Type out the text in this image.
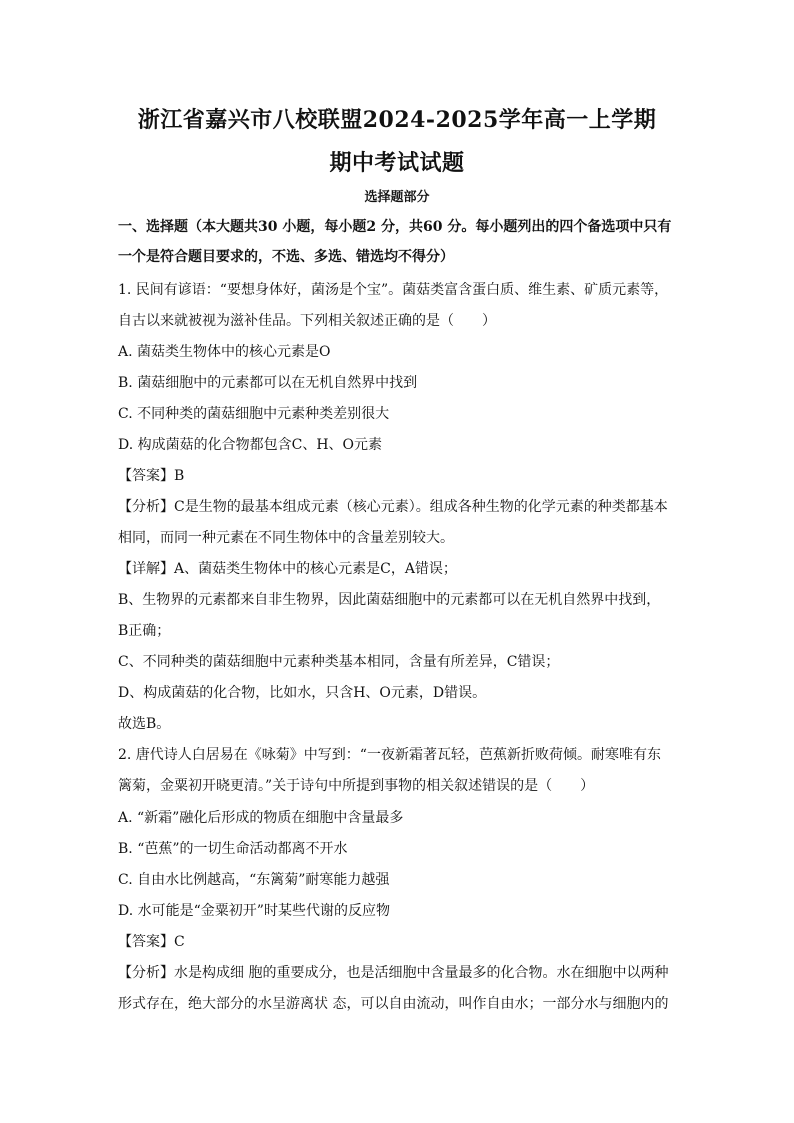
浙江省嘉兴市八校联盟2024-2025学年高一上学期
期中考试试题
选择题部分
一、选择题（本大题共30 小题，每小题2 分，共60 分。每小题列出的四个备选项中只有
一个是符合题目要求的，不选、多选、错选均不得分）
1. 民间有谚语：“要想身体好，菌汤是个宝”。菌菇类富含蛋白质、维生素、矿质元素等，
自古以来就被视为滋补佳品。下列相关叙述正确的是（　　）
A. 菌菇类生物体中的核心元素是O
B. 菌菇细胞中的元素都可以在无机自然界中找到
C. 不同种类的菌菇细胞中元素种类差别很大
D. 构成菌菇的化合物都包含C、H、O元素
【答案】B
【分析】C是生物的最基本组成元素（核心元素）。组成各种生物的化学元素的种类都基本
相同，而同一种元素在不同生物体中的含量差别较大。
【详解】A、菌菇类生物体中的核心元素是C，A错误；
B、生物界的元素都来自非生物界，因此菌菇细胞中的元素都可以在无机自然界中找到，
B正确；
C、不同种类的菌菇细胞中元素种类基本相同，含量有所差异，C错误；
D、构成菌菇的化合物，比如水，只含H、O元素，D错误。
故选B。
2. 唐代诗人白居易在《咏菊》中写到：“一夜新霜著瓦轻，芭蕉新折败荷倾。耐寒唯有东
篱菊，金粟初开晓更清。”关于诗句中所提到事物的相关叙述错误的是（　　）
A. “新霜”融化后形成的物质在细胞中含量最多
B. “芭蕉”的一切生命活动都离不开水
C. 自由水比例越高，“东篱菊”耐寒能力越强
D. 水可能是“金粟初开”时某些代谢的反应物
【答案】C
【分析】水是构成细 胞的重要成分，也是活细胞中含量最多的化合物。水在细胞中以两种
形式存在，绝大部分的水呈游离状 态，可以自由流动，叫作自由水；一部分水与细胞内的
